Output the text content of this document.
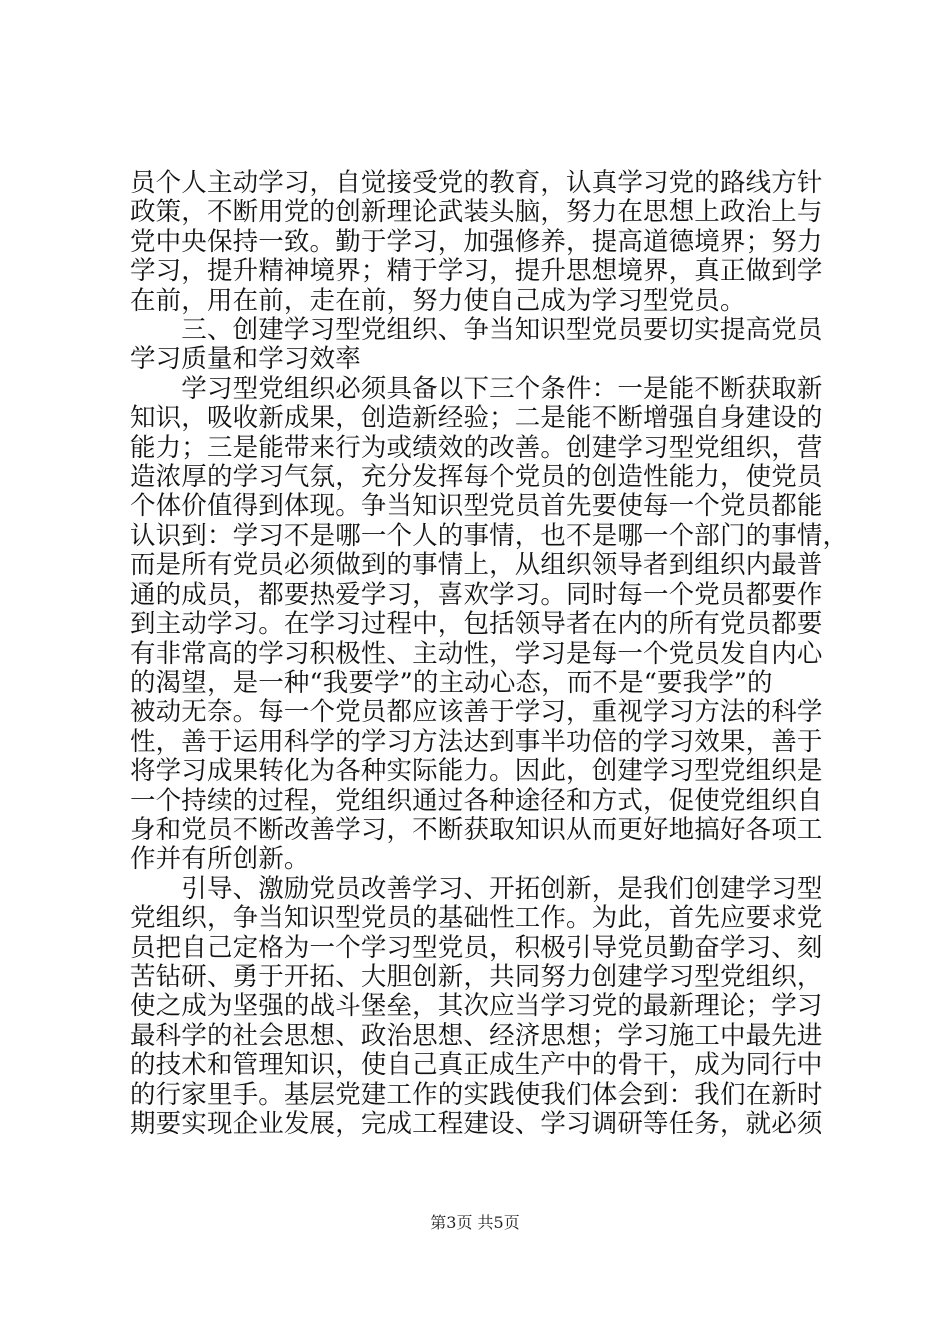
员个人主动学习，自觉接受党的教育，认真学习党的路线方针
政策，不断用党的创新理论武装头脑，努力在思想上政治上与
党中央保持一致。勤于学习，加强修养，提高道德境界；努力
学习，提升精神境界；精于学习，提升思想境界，真正做到学
在前，用在前，走在前，努力使自己成为学习型党员。
　　三、创建学习型党组织、争当知识型党员要切实提高党员
学习质量和学习效率
　　学习型党组织必须具备以下三个条件：一是能不断获取新
知识，吸收新成果，创造新经验；二是能不断增强自身建设的
能力；三是能带来行为或绩效的改善。创建学习型党组织，营
造浓厚的学习气氛，充分发挥每个党员的创造性能力，使党员
个体价值得到体现。争当知识型党员首先要使每一个党员都能
认识到：学习不是哪一个人的事情，也不是哪一个部门的事情，
而是所有党员必须做到的事情上，从组织领导者到组织内最普
通的成员，都要热爱学习，喜欢学习。同时每一个党员都要作
到主动学习。在学习过程中，包括领导者在内的所有党员都要
有非常高的学习积极性、主动性，学习是每一个党员发自内心
的渴望，是一种“我要学”的主动心态，而不是“要我学”的
被动无奈。每一个党员都应该善于学习，重视学习方法的科学
性，善于运用科学的学习方法达到事半功倍的学习效果，善于
将学习成果转化为各种实际能力。因此，创建学习型党组织是
一个持续的过程，党组织通过各种途径和方式，促使党组织自
身和党员不断改善学习，不断获取知识从而更好地搞好各项工
作并有所创新。
　　引导、激励党员改善学习、开拓创新，是我们创建学习型
党组织，争当知识型党员的基础性工作。为此，首先应要求党
员把自己定格为一个学习型党员，积极引导党员勤奋学习、刻
苦钻研、勇于开拓、大胆创新，共同努力创建学习型党组织，
使之成为坚强的战斗堡垒，其次应当学习党的最新理论；学习
最科学的社会思想、政治思想、经济思想；学习施工中最先进
的技术和管理知识，使自己真正成生产中的骨干，成为同行中
的行家里手。基层党建工作的实践使我们体会到：我们在新时
期要实现企业发展，完成工程建设、学习调研等任务，就必须
第3页 共5页
